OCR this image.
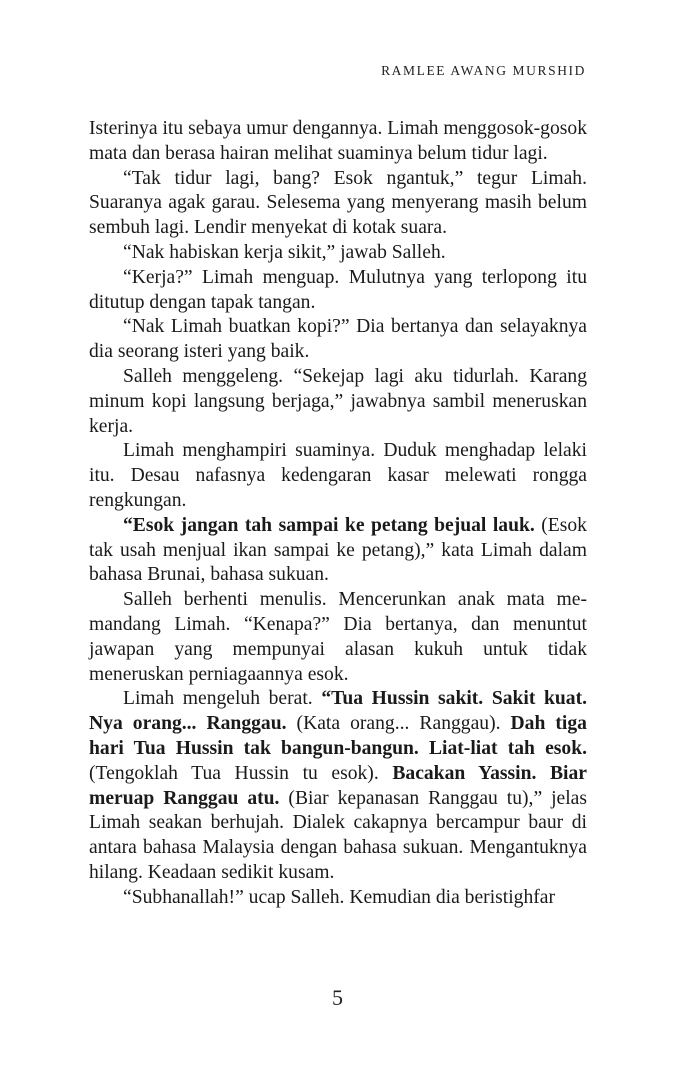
RAMLEE AWANG MURSHID

Isterinya itu sebaya umur dengannya. Limah menggosok-gosok mata dan berasa hairan melihat suaminya belum tidur lagi.

“Tak tidur lagi, bang? Esok ngantuk,” tegur Limah. Suaranya agak garau. Selesema yang menyerang masih belum sembuh lagi. Lendir menyekat di kotak suara.

“Nak habiskan kerja sikit,” jawab Salleh.

“Kerja?” Limah menguap. Mulutnya yang terlopong itu ditutup dengan tapak tangan.

“Nak Limah buatkan kopi?” Dia bertanya dan selayaknya dia seorang isteri yang baik.

Salleh menggeleng. “Sekejap lagi aku tidurlah. Karang minum kopi langsung berjaga,” jawabnya sambil meneruskan kerja.

Limah menghampiri suaminya. Duduk menghadap lelaki itu. Desau nafasnya kedengaran kasar melewati rongga rengkungan.

“Esok jangan tah sampai ke petang bejual lauk. (Esok tak usah menjual ikan sampai ke petang),” kata Limah dalam bahasa Brunai, bahasa sukuan.

Salleh berhenti menulis. Mencerunkan anak mata memandang Limah. “Kenapa?” Dia bertanya, dan menuntut jawapan yang mempunyai alasan kukuh untuk tidak meneruskan perniagaannya esok.

Limah mengeluh berat. “Tua Hussin sakit. Sakit kuat. Nya orang... Ranggau. (Kata orang... Ranggau). Dah tiga hari Tua Hussin tak bangun-bangun. Liat-liat tah esok. (Tengoklah Tua Hussin tu esok). Bacakan Yassin. Biar meruap Ranggau atu. (Biar kepanasan Ranggau tu),” jelas Limah seakan berhujah. Dialek cakapnya bercampur baur di antara bahasa Malaysia dengan bahasa sukuan. Mengantuknya hilang. Keadaan sedikit kusam.

“Subhanallah!” ucap Salleh. Kemudian dia beristighfar

5
